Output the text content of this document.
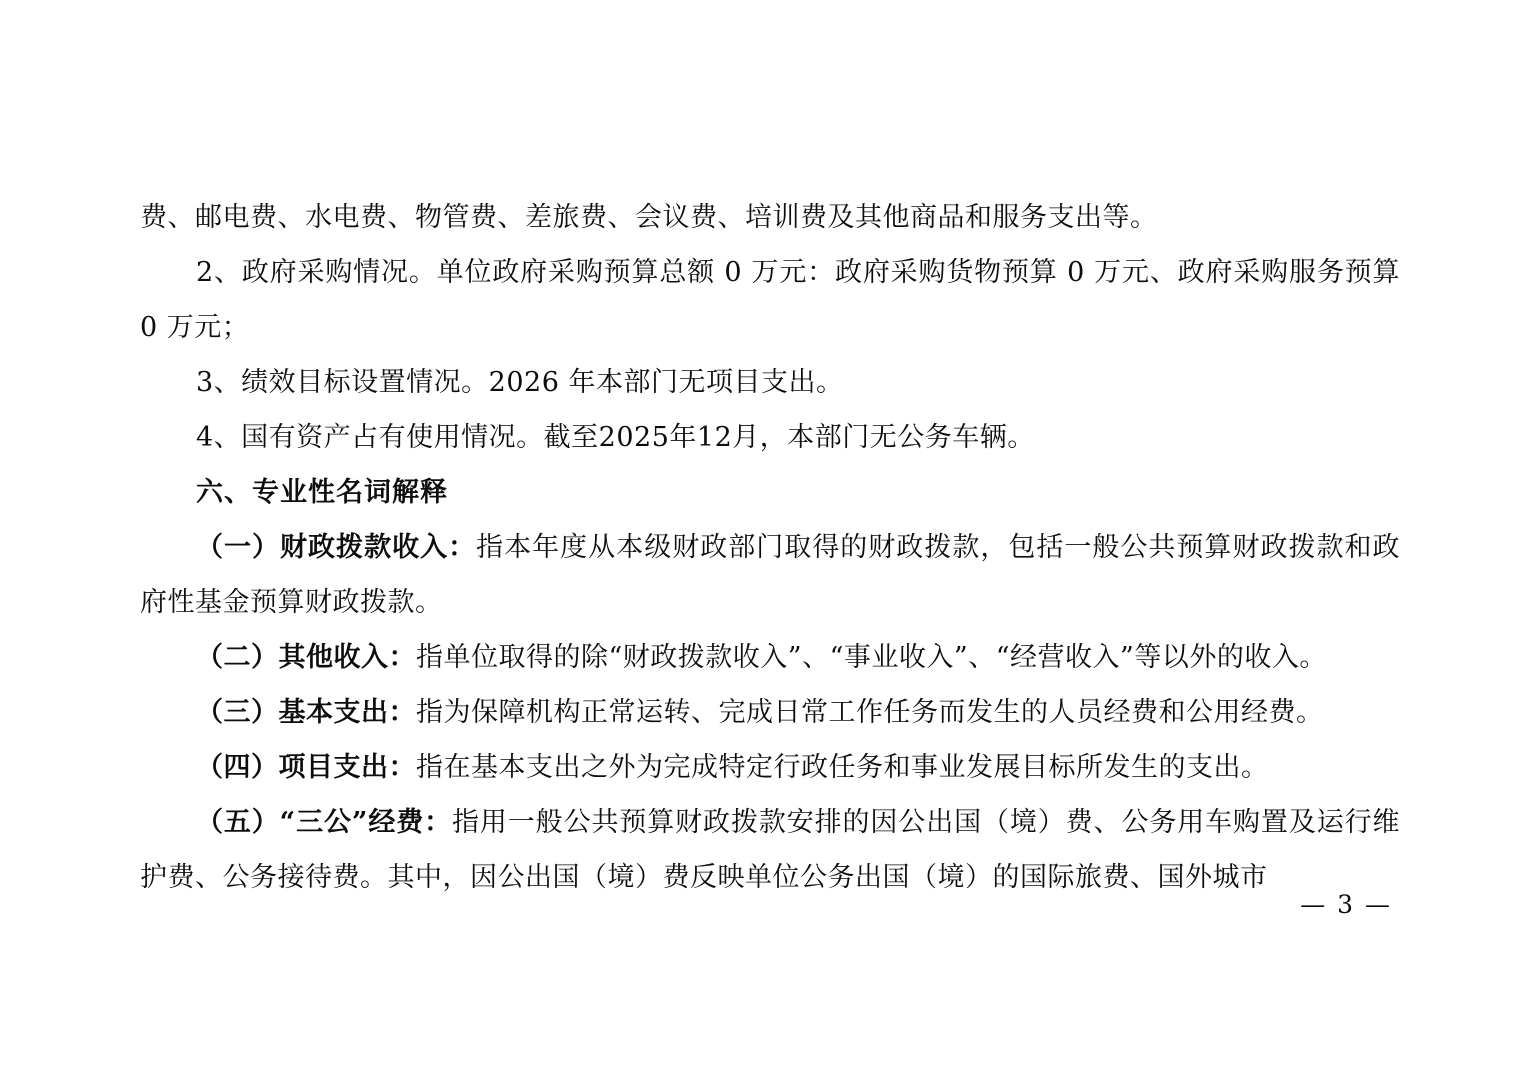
费、邮电费、水电费、物管费、差旅费、会议费、培训费及其他商品和服务支出等。

2、政府采购情况。单位政府采购预算总额 0 万元：政府采购货物预算 0 万元、政府采购服务预算 0 万元；

3、绩效目标设置情况。2026 年本部门无项目支出。

4、国有资产占有使用情况。截至2025年12月，本部门无公务车辆。

六、专业性名词解释

（一）财政拨款收入：指本年度从本级财政部门取得的财政拨款，包括一般公共预算财政拨款和政府性基金预算财政拨款。

（二）其他收入：指单位取得的除“财政拨款收入”、“事业收入”、“经营收入”等以外的收入。

（三）基本支出：指为保障机构正常运转、完成日常工作任务而发生的人员经费和公用经费。

（四）项目支出：指在基本支出之外为完成特定行政任务和事业发展目标所发生的支出。

（五）“三公”经费：指用一般公共预算财政拨款安排的因公出国（境）费、公务用车购置及运行维护费、公务接待费。其中，因公出国（境）费反映单位公务出国（境）的国际旅费、国外城市

— 3 —
